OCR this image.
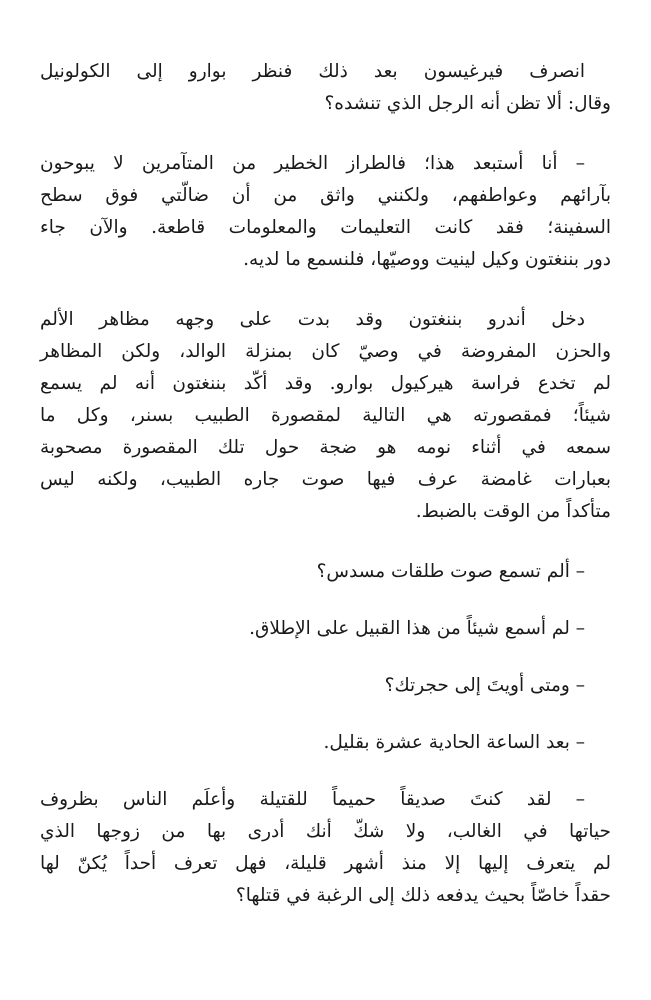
انصرف فيرغيسون بعد ذلك فنظر بوارو إلى الكولونيل
وقال: ألا تظن أنه الرجل الذي تنشده؟

– أنا أستبعد هذا؛ فالطراز الخطير من المتآمرين لا يبوحون
بآرائهم وعواطفهم، ولكنني واثق من أن ضالّتي فوق سطح
السفينة؛ فقد كانت التعليمات والمعلومات قاطعة. والآن جاء
دور بننغتون وكيل لينيت ووصيّها، فلنسمع ما لديه.

دخل أندرو بننغتون وقد بدت على وجهه مظاهر الألم
والحزن المفروضة في وصيّ كان بمنزلة الوالد، ولكن المظاهر
لم تخدع فراسة هيركيول بوارو. وقد أكّد بننغتون أنه لم يسمع
شيئاً؛ فمقصورته هي التالية لمقصورة الطبيب بسنر، وكل ما
سمعه في أثناء نومه هو ضجة حول تلك المقصورة مصحوبة
بعبارات غامضة عرف فيها صوت جاره الطبيب، ولكنه ليس
متأكداً من الوقت بالضبط.

– ألم تسمع صوت طلقات مسدس؟

– لم أسمع شيئاً من هذا القبيل على الإطلاق.

– ومتى أويتَ إلى حجرتك؟

– بعد الساعة الحادية عشرة بقليل.

– لقد كنتَ صديقاً حميماً للقتيلة وأعلَم الناس بظروف
حياتها في الغالب، ولا شكّ أنك أدرى بها من زوجها الذي
لم يتعرف إليها إلا منذ أشهر قليلة، فهل تعرف أحداً يُكنّ لها
حقداً خاصّاً بحيث يدفعه ذلك إلى الرغبة في قتلها؟
